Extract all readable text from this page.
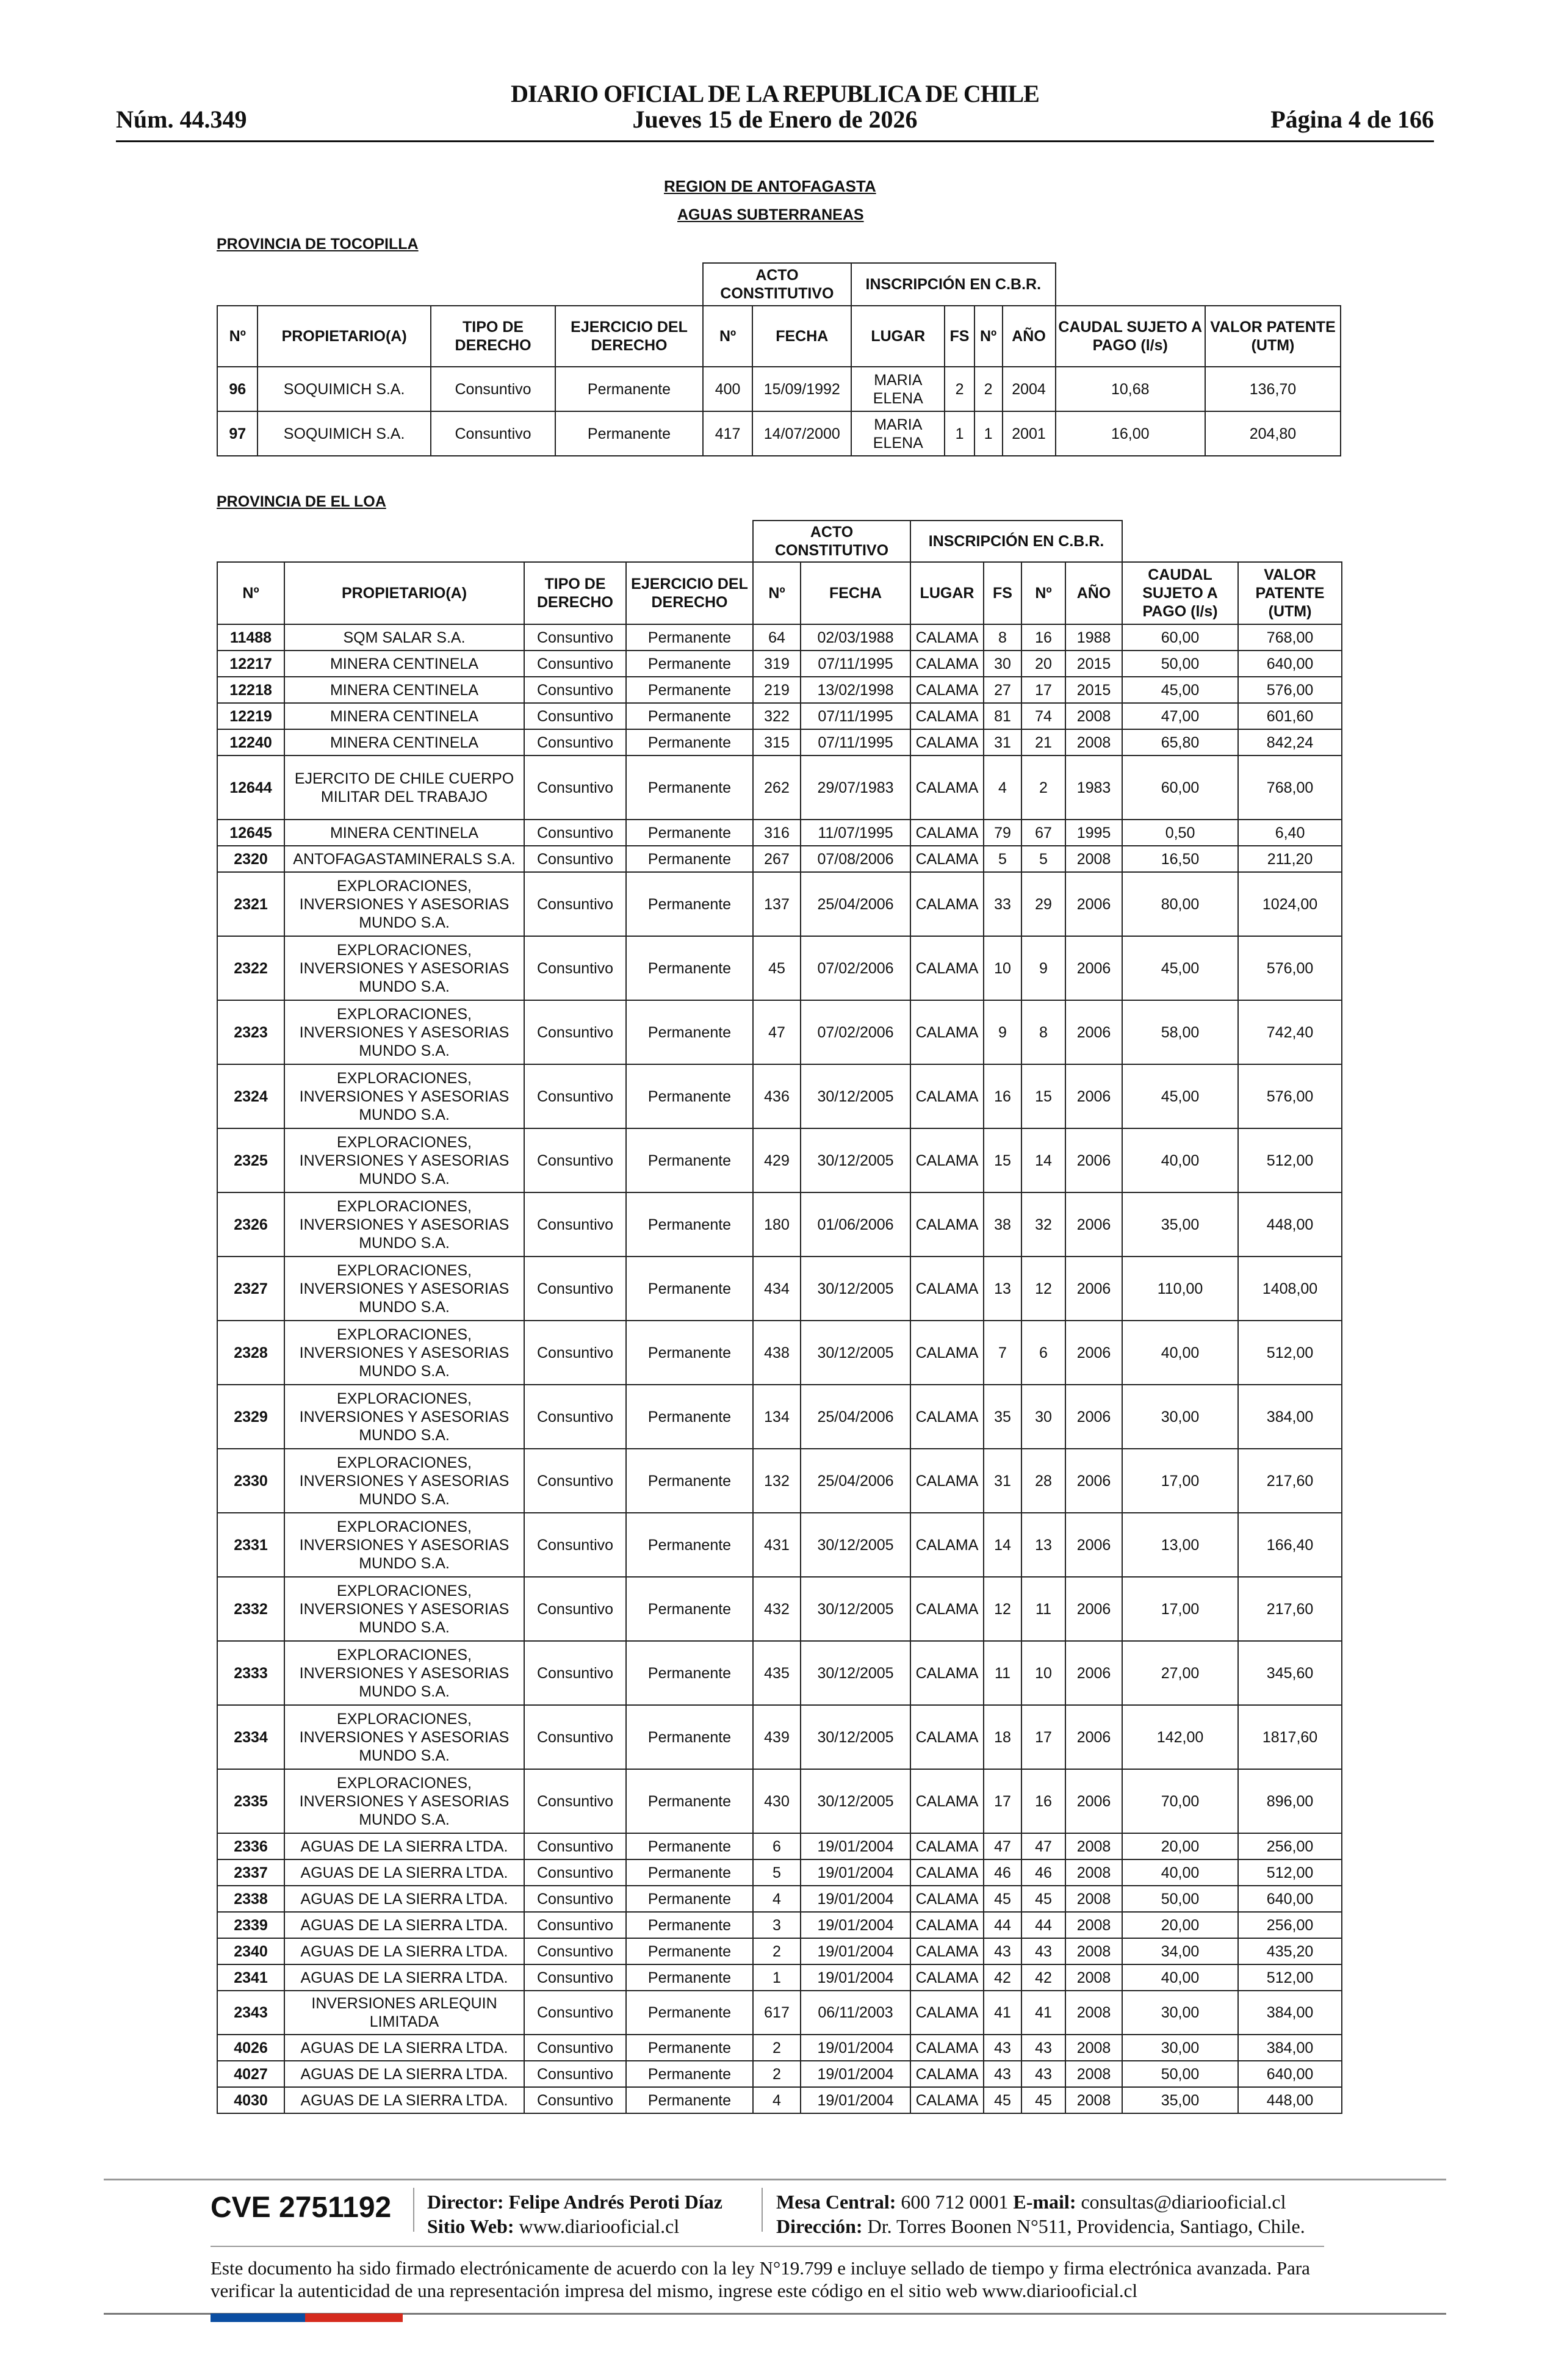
DIARIO OFICIAL DE LA REPUBLICA DE CHILE
Núm. 44.349	Jueves 15 de Enero de 2026	Página 4 de 166
REGION DE ANTOFAGASTA
AGUAS SUBTERRANEAS
PROVINCIA DE TOCOPILLA
				ACTO CONSTITUTIVO		INSCRIPCIÓN EN C.B.R.					
Nº	PROPIETARIO(A)	TIPO DE DERECHO	EJERCICIO DEL DERECHO	Nº	FECHA	LUGAR	FS	Nº	AÑO	CAUDAL SUJETO A PAGO (l/s)	VALOR PATENTE (UTM)
96	SOQUIMICH S.A.	Consuntivo	Permanente	400	15/09/1992	MARIA ELENA	2	2	2004	10,68	136,70
97	SOQUIMICH S.A.	Consuntivo	Permanente	417	14/07/2000	MARIA ELENA	1	1	2001	16,00	204,80
PROVINCIA DE EL LOA
				ACTO CONSTITUTIVO		INSCRIPCIÓN EN C.B.R.					
Nº	PROPIETARIO(A)	TIPO DE DERECHO	EJERCICIO DEL DERECHO	Nº	FECHA	LUGAR	FS	Nº	AÑO	CAUDAL SUJETO A PAGO (l/s)	VALOR PATENTE (UTM)
11488	SQM SALAR S.A.	Consuntivo	Permanente	64	02/03/1988	CALAMA	8	16	1988	60,00	768,00
12217	MINERA CENTINELA	Consuntivo	Permanente	319	07/11/1995	CALAMA	30	20	2015	50,00	640,00
12218	MINERA CENTINELA	Consuntivo	Permanente	219	13/02/1998	CALAMA	27	17	2015	45,00	576,00
12219	MINERA CENTINELA	Consuntivo	Permanente	322	07/11/1995	CALAMA	81	74	2008	47,00	601,60
12240	MINERA CENTINELA	Consuntivo	Permanente	315	07/11/1995	CALAMA	31	21	2008	65,80	842,24
12644	EJERCITO DE CHILE CUERPO MILITAR DEL TRABAJO	Consuntivo	Permanente	262	29/07/1983	CALAMA	4	2	1983	60,00	768,00
12645	MINERA CENTINELA	Consuntivo	Permanente	316	11/07/1995	CALAMA	79	67	1995	0,50	6,40
2320	ANTOFAGASTAMINERALS S.A.	Consuntivo	Permanente	267	07/08/2006	CALAMA	5	5	2008	16,50	211,20
2321	EXPLORACIONES, INVERSIONES Y ASESORIAS MUNDO S.A.	Consuntivo	Permanente	137	25/04/2006	CALAMA	33	29	2006	80,00	1024,00
2322	EXPLORACIONES, INVERSIONES Y ASESORIAS MUNDO S.A.	Consuntivo	Permanente	45	07/02/2006	CALAMA	10	9	2006	45,00	576,00
2323	EXPLORACIONES, INVERSIONES Y ASESORIAS MUNDO S.A.	Consuntivo	Permanente	47	07/02/2006	CALAMA	9	8	2006	58,00	742,40
2324	EXPLORACIONES, INVERSIONES Y ASESORIAS MUNDO S.A.	Consuntivo	Permanente	436	30/12/2005	CALAMA	16	15	2006	45,00	576,00
2325	EXPLORACIONES, INVERSIONES Y ASESORIAS MUNDO S.A.	Consuntivo	Permanente	429	30/12/2005	CALAMA	15	14	2006	40,00	512,00
2326	EXPLORACIONES, INVERSIONES Y ASESORIAS MUNDO S.A.	Consuntivo	Permanente	180	01/06/2006	CALAMA	38	32	2006	35,00	448,00
2327	EXPLORACIONES, INVERSIONES Y ASESORIAS MUNDO S.A.	Consuntivo	Permanente	434	30/12/2005	CALAMA	13	12	2006	110,00	1408,00
2328	EXPLORACIONES, INVERSIONES Y ASESORIAS MUNDO S.A.	Consuntivo	Permanente	438	30/12/2005	CALAMA	7	6	2006	40,00	512,00
2329	EXPLORACIONES, INVERSIONES Y ASESORIAS MUNDO S.A.	Consuntivo	Permanente	134	25/04/2006	CALAMA	35	30	2006	30,00	384,00
2330	EXPLORACIONES, INVERSIONES Y ASESORIAS MUNDO S.A.	Consuntivo	Permanente	132	25/04/2006	CALAMA	31	28	2006	17,00	217,60
2331	EXPLORACIONES, INVERSIONES Y ASESORIAS MUNDO S.A.	Consuntivo	Permanente	431	30/12/2005	CALAMA	14	13	2006	13,00	166,40
2332	EXPLORACIONES, INVERSIONES Y ASESORIAS MUNDO S.A.	Consuntivo	Permanente	432	30/12/2005	CALAMA	12	11	2006	17,00	217,60
2333	EXPLORACIONES, INVERSIONES Y ASESORIAS MUNDO S.A.	Consuntivo	Permanente	435	30/12/2005	CALAMA	11	10	2006	27,00	345,60
2334	EXPLORACIONES, INVERSIONES Y ASESORIAS MUNDO S.A.	Consuntivo	Permanente	439	30/12/2005	CALAMA	18	17	2006	142,00	1817,60
2335	EXPLORACIONES, INVERSIONES Y ASESORIAS MUNDO S.A.	Consuntivo	Permanente	430	30/12/2005	CALAMA	17	16	2006	70,00	896,00
2336	AGUAS DE LA SIERRA LTDA.	Consuntivo	Permanente	6	19/01/2004	CALAMA	47	47	2008	20,00	256,00
2337	AGUAS DE LA SIERRA LTDA.	Consuntivo	Permanente	5	19/01/2004	CALAMA	46	46	2008	40,00	512,00
2338	AGUAS DE LA SIERRA LTDA.	Consuntivo	Permanente	4	19/01/2004	CALAMA	45	45	2008	50,00	640,00
2339	AGUAS DE LA SIERRA LTDA.	Consuntivo	Permanente	3	19/01/2004	CALAMA	44	44	2008	20,00	256,00
2340	AGUAS DE LA SIERRA LTDA.	Consuntivo	Permanente	2	19/01/2004	CALAMA	43	43	2008	34,00	435,20
2341	AGUAS DE LA SIERRA LTDA.	Consuntivo	Permanente	1	19/01/2004	CALAMA	42	42	2008	40,00	512,00
2343	INVERSIONES ARLEQUIN LIMITADA	Consuntivo	Permanente	617	06/11/2003	CALAMA	41	41	2008	30,00	384,00
4026	AGUAS DE LA SIERRA LTDA.	Consuntivo	Permanente	2	19/01/2004	CALAMA	43	43	2008	30,00	384,00
4027	AGUAS DE LA SIERRA LTDA.	Consuntivo	Permanente	2	19/01/2004	CALAMA	43	43	2008	50,00	640,00
4030	AGUAS DE LA SIERRA LTDA.	Consuntivo	Permanente	4	19/01/2004	CALAMA	45	45	2008	35,00	448,00
CVE 2751192 Director: Felipe Andrés Peroti Díaz
Sitio Web: www.diariooficial.cl
Mesa Central: 600 712 0001 E-mail: consultas@diariooficial.cl
Dirección: Dr. Torres Boonen N°511, Providencia, Santiago, Chile.
Este documento ha sido firmado electrónicamente de acuerdo con la ley N°19.799 e incluye sellado de tiempo y firma electrónica avanzada. Para verificar la autenticidad de una representación impresa del mismo, ingrese este código en el sitio web www.diariooficial.cl
